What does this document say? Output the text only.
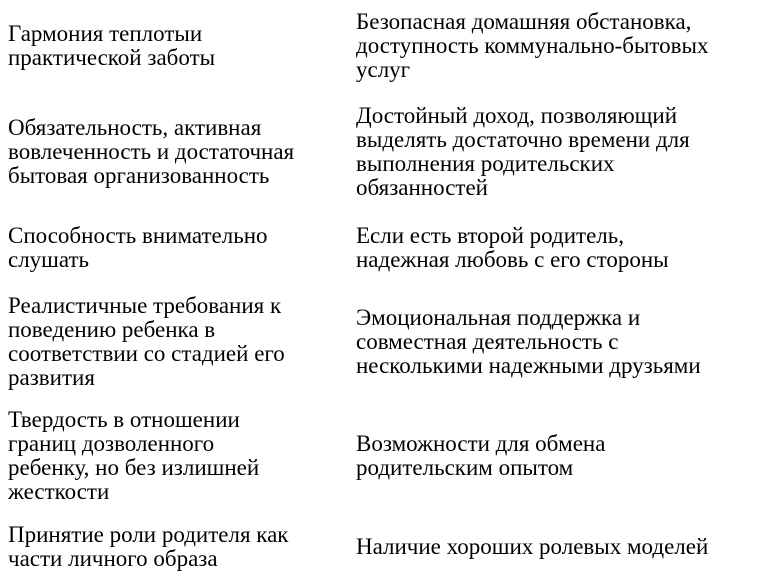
Гармония теплотыи
практической заботы
Безопасная домашняя обстановка,
доступность коммунально-бытовых
услуг
Обязательность, активная
вовлеченность и достаточная
бытовая организованность
Достойный доход, позволяющий
выделять достаточно времени для
выполнения родительских
обязанностей
Способность внимательно
слушать
Если есть второй родитель,
надежная любовь с его стороны
Реалистичные требования к
поведению ребенка в
соответствии со стадией его
развития
Эмоциональная поддержка и
совместная деятельность с
несколькими надежными друзьями
Твердость в отношении
границ дозволенного
ребенку, но без излишней
жесткости
Возможности для обмена
родительским опытом
Принятие роли родителя как
части личного образа	Наличие хороших ролевых моделей
